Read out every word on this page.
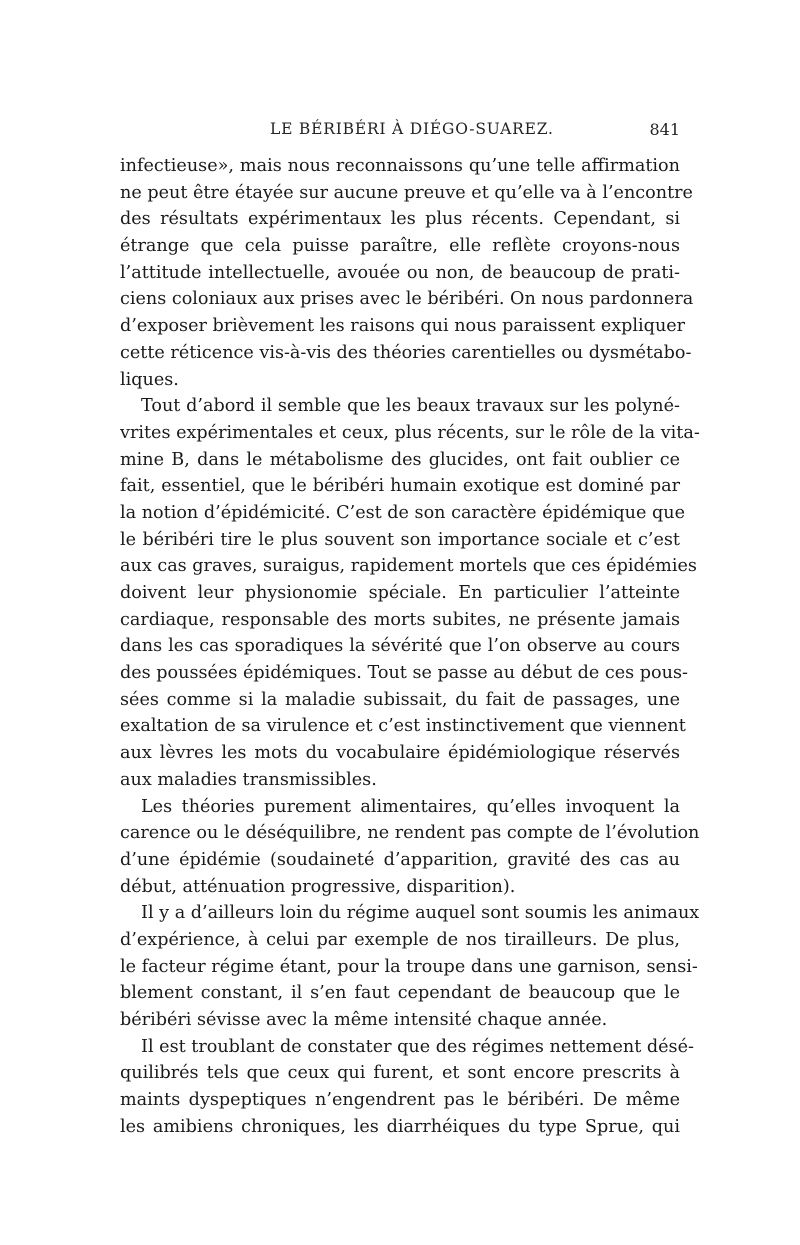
LE BÉRIBÉRI À DIÉGO-SUAREZ.	841
infectieuse», mais nous reconnaissons qu’une telle affirmation
ne peut être étayée sur aucune preuve et qu’elle va à l’encontre
des résultats expérimentaux les plus récents. Cependant, si
étrange que cela puisse paraître, elle reflète croyons-nous
l’attitude intellectuelle, avouée ou non, de beaucoup de prati-
ciens coloniaux aux prises avec le béribéri. On nous pardonnera
d’exposer brièvement les raisons qui nous paraissent expliquer
cette réticence vis-à-vis des théories carentielles ou dysmétabo-
liques.
Tout d’abord il semble que les beaux travaux sur les polyné-
vrites expérimentales et ceux, plus récents, sur le rôle de la vita-
mine B, dans le métabolisme des glucides, ont fait oublier ce
fait, essentiel, que le béribéri humain exotique est dominé par
la notion d’épidémicité. C’est de son caractère épidémique que
le béribéri tire le plus souvent son importance sociale et c’est
aux cas graves, suraigus, rapidement mortels que ces épidémies
doivent leur physionomie spéciale. En particulier l’atteinte
cardiaque, responsable des morts subites, ne présente jamais
dans les cas sporadiques la sévérité que l’on observe au cours
des poussées épidémiques. Tout se passe au début de ces pous-
sées comme si la maladie subissait, du fait de passages, une
exaltation de sa virulence et c’est instinctivement que viennent
aux lèvres les mots du vocabulaire épidémiologique réservés
aux maladies transmissibles.
Les théories purement alimentaires, qu’elles invoquent la
carence ou le déséquilibre, ne rendent pas compte de l’évolution
d’une épidémie (soudaineté d’apparition, gravité des cas au
début, atténuation progressive, disparition).
Il y a d’ailleurs loin du régime auquel sont soumis les animaux
d’expérience, à celui par exemple de nos tirailleurs. De plus,
le facteur régime étant, pour la troupe dans une garnison, sensi-
blement constant, il s’en faut cependant de beaucoup que le
béribéri sévisse avec la même intensité chaque année.
Il est troublant de constater que des régimes nettement désé-
quilibrés tels que ceux qui furent, et sont encore prescrits à
maints dyspeptiques n’engendrent pas le béribéri. De même
les amibiens chroniques, les diarrhéiques du type Sprue, qui
